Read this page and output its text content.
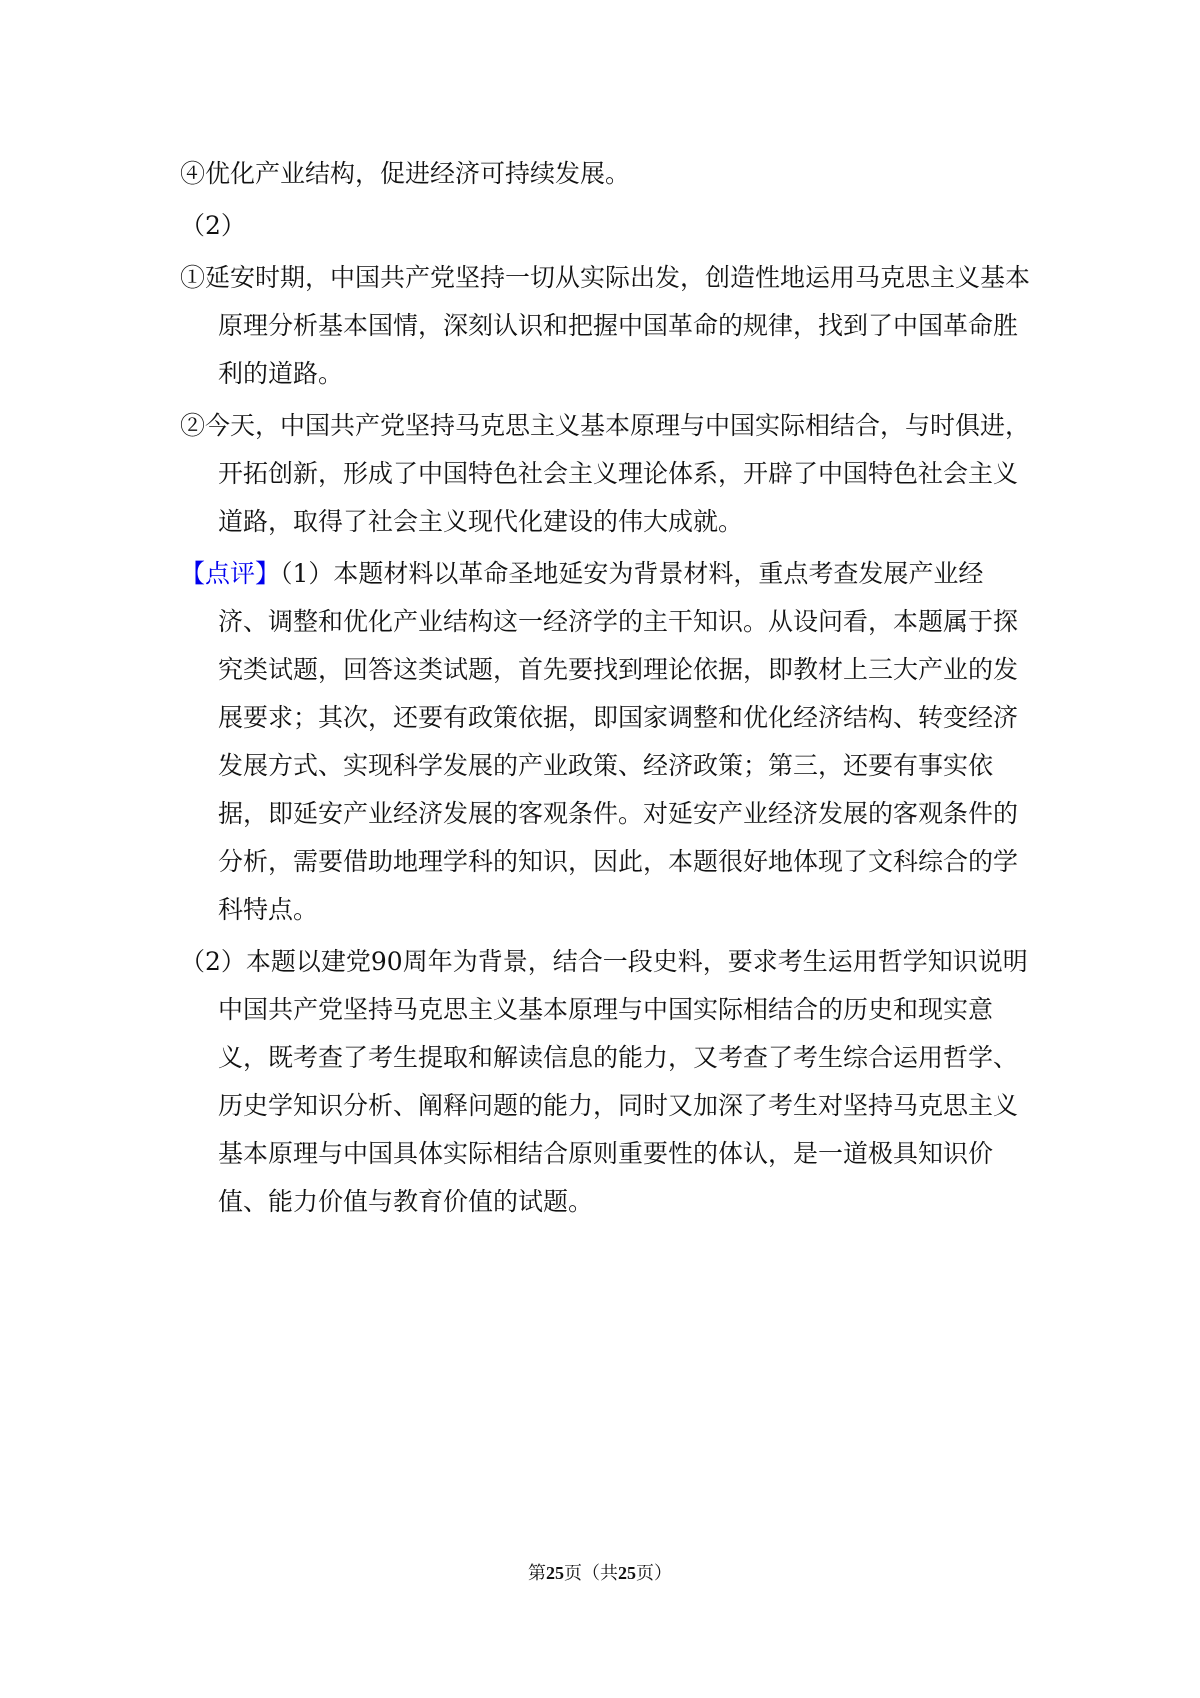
④优化产业结构，促进经济可持续发展。
（2）
①延安时期，中国共产党坚持一切从实际出发，创造性地运用马克思主义基本原理分析基本国情，深刻认识和把握中国革命的规律，找到了中国革命胜利的道路。
②今天，中国共产党坚持马克思主义基本原理与中国实际相结合，与时俱进，开拓创新，形成了中国特色社会主义理论体系，开辟了中国特色社会主义道路，取得了社会主义现代化建设的伟大成就。
【点评】（1）本题材料以革命圣地延安为背景材料，重点考查发展产业经济、调整和优化产业结构这一经济学的主干知识。从设问看，本题属于探究类试题，回答这类试题，首先要找到理论依据，即教材上三大产业的发展要求；其次，还要有政策依据，即国家调整和优化经济结构、转变经济发展方式、实现科学发展的产业政策、经济政策；第三，还要有事实依据，即延安产业经济发展的客观条件。对延安产业经济发展的客观条件的分析，需要借助地理学科的知识，因此，本题很好地体现了文科综合的学科特点。
（2）本题以建党90周年为背景，结合一段史料，要求考生运用哲学知识说明中国共产党坚持马克思主义基本原理与中国实际相结合的历史和现实意义，既考查了考生提取和解读信息的能力，又考查了考生综合运用哲学、历史学知识分析、阐释问题的能力，同时又加深了考生对坚持马克思主义基本原理与中国具体实际相结合原则重要性的体认，是一道极具知识价值、能力价值与教育价值的试题。
第25页（共25页）
